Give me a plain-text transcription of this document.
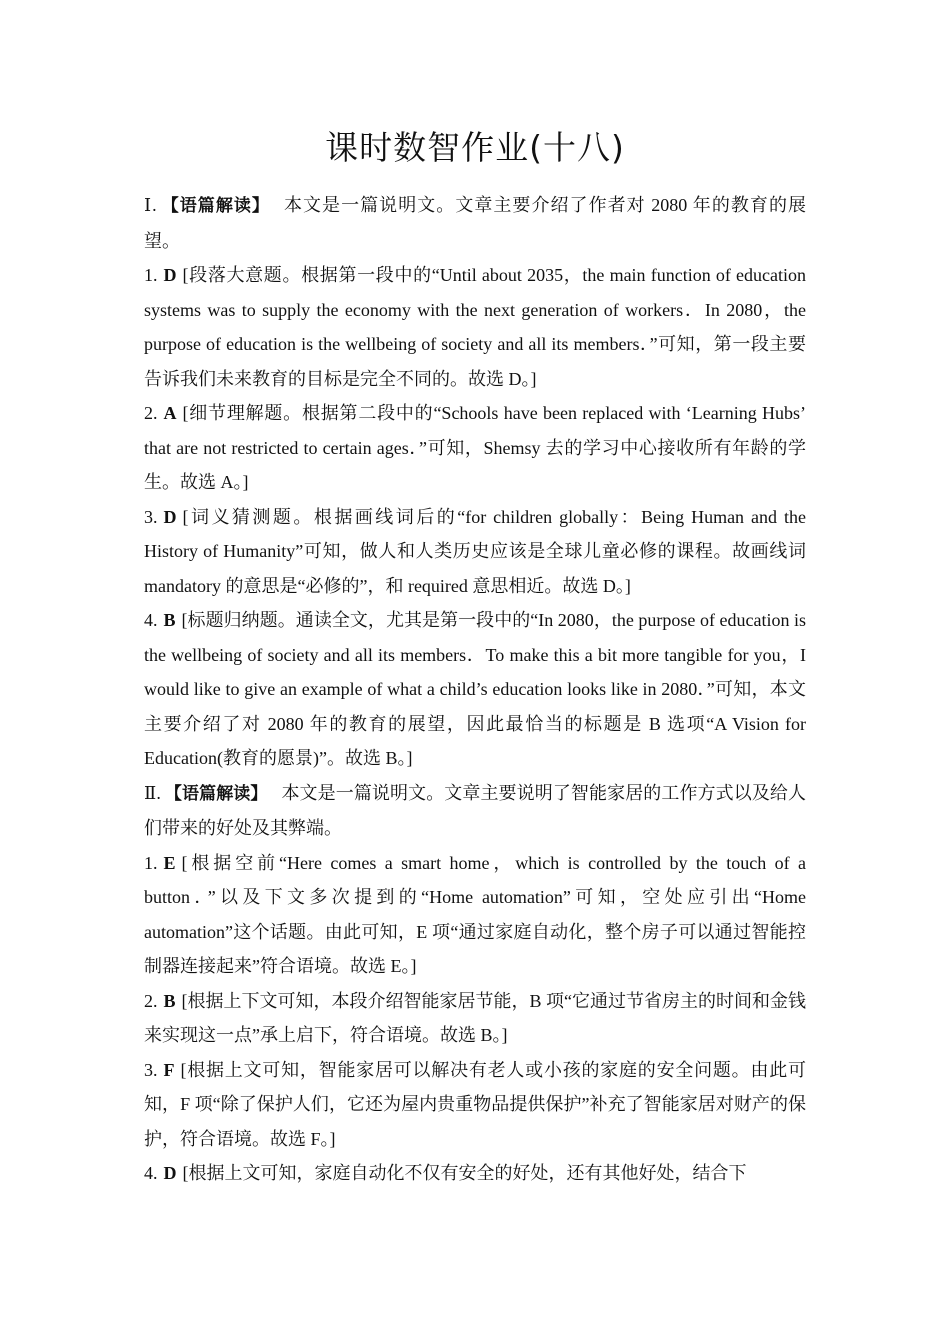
课时数智作业(十八)

Ⅰ. 【语篇解读】 本文是一篇说明文。文章主要介绍了作者对 2080 年的教育的展望。

1. D [段落大意题。根据第一段中的“Until about 2035，the main function of education systems was to supply the economy with the next generation of workers．In 2080，the purpose of education is the wellbeing of society and all its members．”可知，第一段主要告诉我们未来教育的目标是完全不同的。故选 D。]

2. A [细节理解题。根据第二段中的“Schools have been replaced with ‘Learning Hubs’ that are not restricted to certain ages．”可知，Shemsy 去的学习中心接收所有年龄的学生。故选 A。]

3. D [词义猜测题。根据画线词后的“for children globally：Being Human and the History of Humanity”可知，做人和人类历史应该是全球儿童必修的课程。故画线词 mandatory 的意思是“必修的”，和 required 意思相近。故选 D。]

4. B [标题归纳题。通读全文，尤其是第一段中的“In 2080，the purpose of education is the wellbeing of society and all its members．To make this a bit more tangible for you，I would like to give an example of what a child’s education looks like in 2080．”可知，本文主要介绍了对 2080 年的教育的展望，因此最恰当的标题是 B 选项“A Vision for Education(教育的愿景)”。故选 B。]

Ⅱ. 【语篇解读】 本文是一篇说明文。文章主要说明了智能家居的工作方式以及给人们带来的好处及其弊端。

1. E [根据空前“Here comes a smart home，which is controlled by the touch of a button．”以及下文多次提到的“Home automation”可知，空处应引出“Home automation”这个话题。由此可知，E 项“通过家庭自动化，整个房子可以通过智能控制器连接起来”符合语境。故选 E。]

2. B [根据上下文可知，本段介绍智能家居节能，B 项“它通过节省房主的时间和金钱来实现这一点”承上启下，符合语境。故选 B。]

3. F [根据上文可知，智能家居可以解决有老人或小孩的家庭的安全问题。由此可知，F 项“除了保护人们，它还为屋内贵重物品提供保护”补充了智能家居对财产的保护，符合语境。故选 F。]

4. D [根据上文可知，家庭自动化不仅有安全的好处，还有其他好处，结合下
